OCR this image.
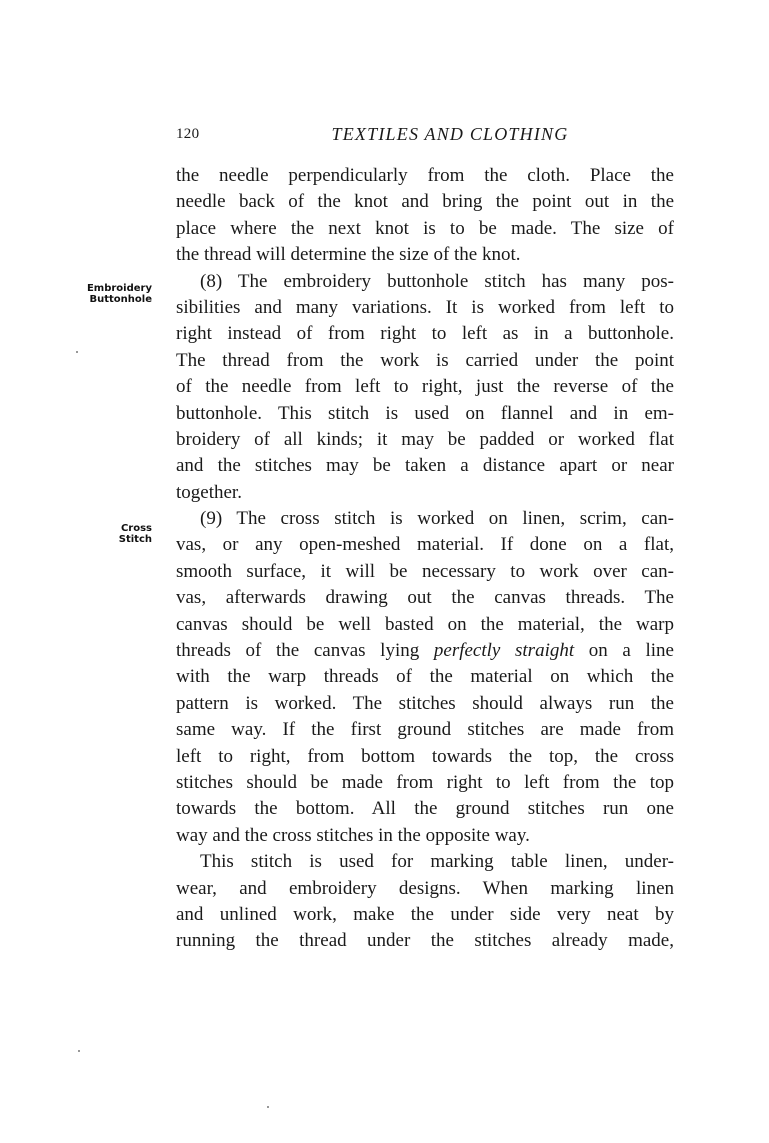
120	TEXTILES AND CLOTHING
Embroidery
Buttonhole
Cross
Stitch
the needle perpendicularly from the cloth. Place the
needle back of the knot and bring the point out in the
place where the next knot is to be made. The size of
the thread will determine the size of the knot.
(8) The embroidery buttonhole stitch has many pos-
sibilities and many variations. It is worked from left to
right instead of from right to left as in a buttonhole.
The thread from the work is carried under the point
of the needle from left to right, just the reverse of the
buttonhole. This stitch is used on flannel and in em-
broidery of all kinds; it may be padded or worked flat
and the stitches may be taken a distance apart or near
together.
(9) The cross stitch is worked on linen, scrim, can-
vas, or any open-meshed material. If done on a flat,
smooth surface, it will be necessary to work over can-
vas, afterwards drawing out the canvas threads. The
canvas should be well basted on the material, the warp
threads of the canvas lying perfectly straight on a line
with the warp threads of the material on which the
pattern is worked. The stitches should always run the
same way. If the first ground stitches are made from
left to right, from bottom towards the top, the cross
stitches should be made from right to left from the top
towards the bottom. All the ground stitches run one
way and the cross stitches in the opposite way.
This stitch is used for marking table linen, under-
wear, and embroidery designs. When marking linen
and unlined work, make the under side very neat by
running the thread under the stitches already made,
